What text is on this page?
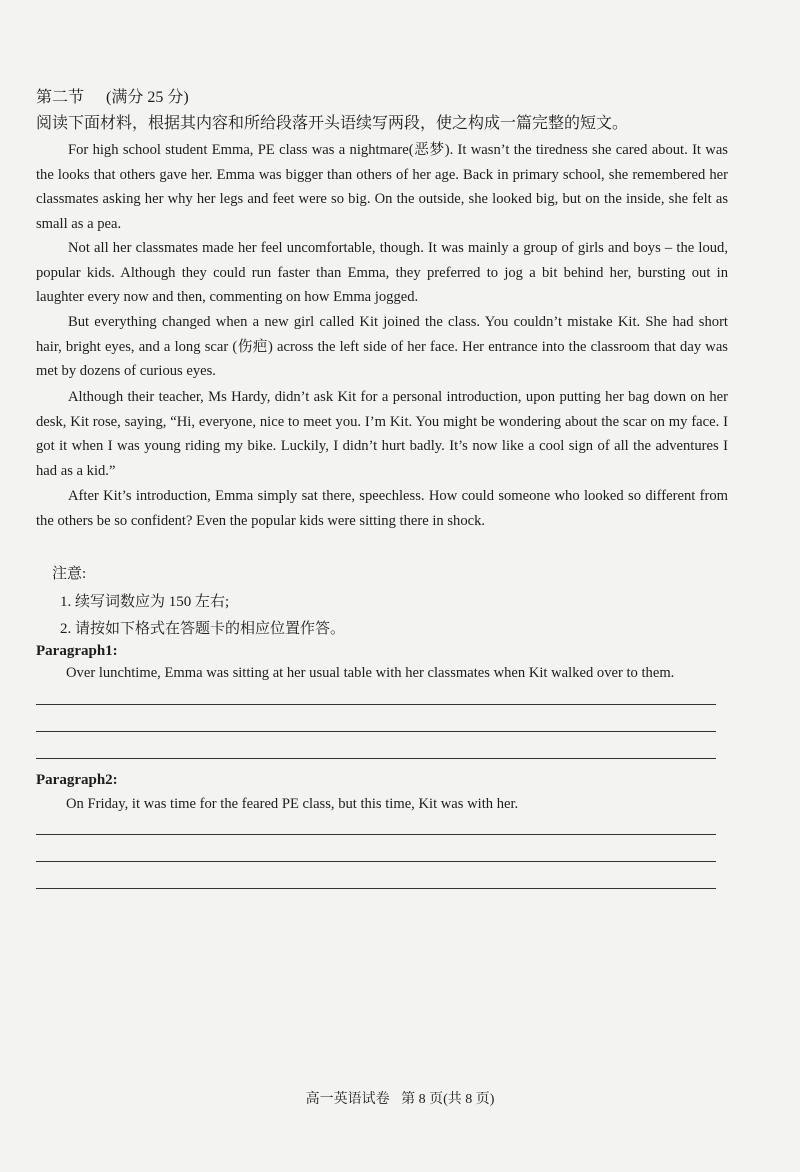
第二节 (满分 25 分)
阅读下面材料，根据其内容和所给段落开头语续写两段，使之构成一篇完整的短文。

For high school student Emma, PE class was a nightmare(恶梦). It wasn’t the tiredness she cared about. It was the looks that others gave her. Emma was bigger than others of her age. Back in primary school, she remembered her classmates asking her why her legs and feet were so big. On the outside, she looked big, but on the inside, she felt as small as a pea.

Not all her classmates made her feel uncomfortable, though. It was mainly a group of girls and boys – the loud, popular kids. Although they could run faster than Emma, they preferred to jog a bit behind her, bursting out in laughter every now and then, commenting on how Emma jogged.

But everything changed when a new girl called Kit joined the class. You couldn’t mistake Kit. She had short hair, bright eyes, and a long scar (伤疤) across the left side of her face. Her entrance into the classroom that day was met by dozens of curious eyes.

Although their teacher, Ms Hardy, didn’t ask Kit for a personal introduction, upon putting her bag down on her desk, Kit rose, saying, “Hi, everyone, nice to meet you. I’m Kit. You might be wondering about the scar on my face. I got it when I was young riding my bike. Luckily, I didn’t hurt badly. It’s now like a cool sign of all the adventures I had as a kid.”

After Kit’s introduction, Emma simply sat there, speechless. How could someone who looked so different from the others be so confident? Even the popular kids were sitting there in shock.

注意:
1. 续写词数应为 150 左右;
2. 请按如下格式在答题卡的相应位置作答。
Paragraph1:
Over lunchtime, Emma was sitting at her usual table with her classmates when Kit walked over to them.
Paragraph2:
On Friday, it was time for the feared PE class, but this time, Kit was with her.
高一英语试卷 第 8 页(共 8 页)
